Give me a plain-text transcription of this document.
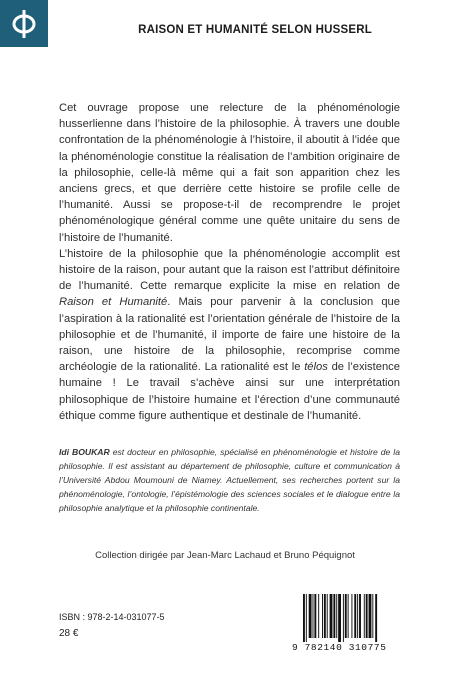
RAISON ET HUMANITÉ SELON HUSSERL

Cet ouvrage propose une relecture de la phénoménologie husserlienne dans l’histoire de la philosophie. À travers une double confrontation de la phénoménologie à l’histoire, il aboutit à l’idée que la phénoménologie constitue la réalisation de l’ambition originaire de la philosophie, celle-là même qui a fait son apparition chez les anciens grecs, et que derrière cette histoire se profile celle de l’humanité. Aussi se propose-t-il de recomprendre le projet phénoménologique général comme une quête unitaire du sens de l’histoire de l’humanité.

L’histoire de la philosophie que la phénoménologie accomplit est histoire de la raison, pour autant que la raison est l’attribut définitoire de l’humanité. Cette remarque explicite la mise en relation de Raison et Humanité. Mais pour parvenir à la conclusion que l’aspiration à la rationalité est l’orientation générale de l’histoire de la philosophie et de l’humanité, il importe de faire une histoire de la raison, une histoire de la philosophie, recomprise comme archéologie de la rationalité. La rationalité est le télos de l’existence humaine ! Le travail s’achève ainsi sur une interprétation philosophique de l’histoire humaine et l’érection d’une communauté éthique comme figure authentique et destinale de l’humanité.

Idi BOUKAR est docteur en philosophie, spécialisé en phénoménologie et histoire de la philosophie. Il est assistant au département de philosophie, culture et communication à l’Université Abdou Moumouni de Niamey. Actuellement, ses recherches portent sur la phénoménologie, l’ontologie, l’épistémologie des sciences sociales et le dialogue entre la philosophie analytique et la philosophie continentale.
Collection dirigée par Jean-Marc Lachaud et Bruno Péquignot
ISBN : 978-2-14-031077-5
28 €
9 782140 310775
